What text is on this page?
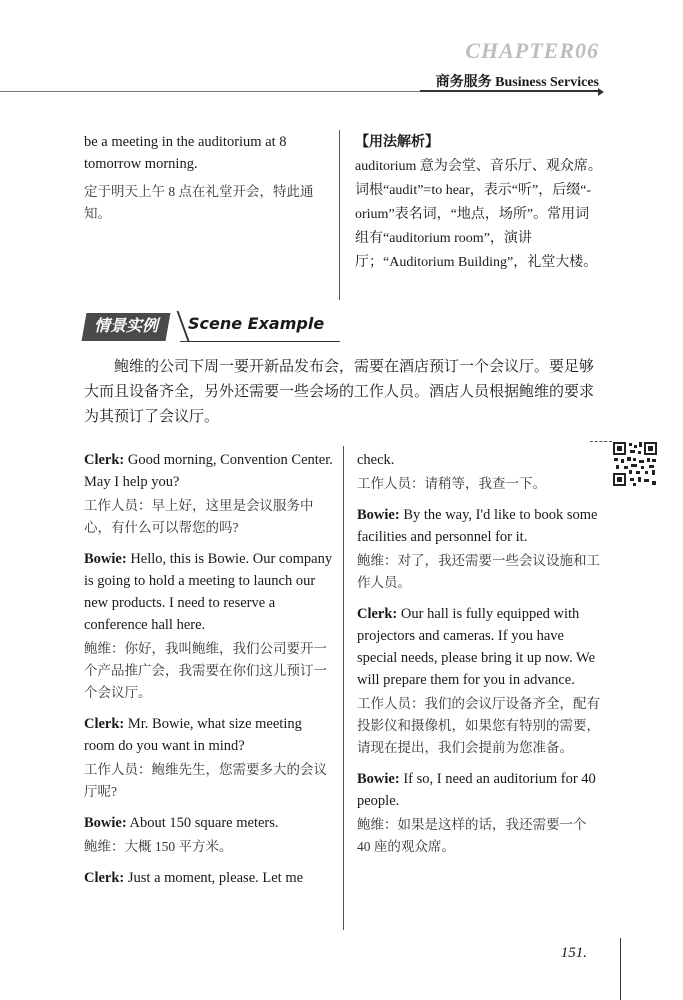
CHAPTER06
商务服务 Business Services

be a meeting in the auditorium at 8 tomorrow morning.

定于明天上午 8 点在礼堂开会，特此通知。

【用法解析】

auditorium 意为会堂、音乐厅、观众席。词根“audit”=to hear，表示“听”，后缀“-orium”表名词，“地点，场所”。常用词组有“auditorium room”，演讲厅；“Auditorium Building”，礼堂大楼。

情景实例	Scene Example

鲍维的公司下周一要开新品发布会，需要在酒店预订一个会议厅。要足够大而且设备齐全，另外还需要一些会场的工作人员。酒店人员根据鲍维的要求为其预订了会议厅。

Clerk: Good morning, Convention Center. May I help you?

工作人员：早上好，这里是会议服务中心，有什么可以帮您的吗?

Bowie: Hello, this is Bowie. Our company is going to hold a meeting to launch our new products. I need to reserve a conference hall here.

鲍维：你好，我叫鲍维，我们公司要开一个产品推广会，我需要在你们这儿预订一个会议厅。

Clerk: Mr. Bowie, what size meeting room do you want in mind?

工作人员：鲍维先生，您需要多大的会议厅呢?

Bowie: About 150 square meters.

鲍维：大概 150 平方米。

Clerk: Just a moment, please. Let me

check.

工作人员：请稍等，我查一下。

Bowie: By the way, I'd like to book some facilities and personnel for it.

鲍维：对了，我还需要一些会议设施和工作人员。

Clerk: Our hall is fully equipped with projectors and cameras. If you have special needs, please bring it up now. We will prepare them for you in advance.

工作人员：我们的会议厅设备齐全，配有投影仪和摄像机，如果您有特别的需要，请现在提出，我们会提前为您准备。

Bowie: If so, I need an auditorium for 40 people.

鲍维：如果是这样的话，我还需要一个 40 座的观众席。

151.
